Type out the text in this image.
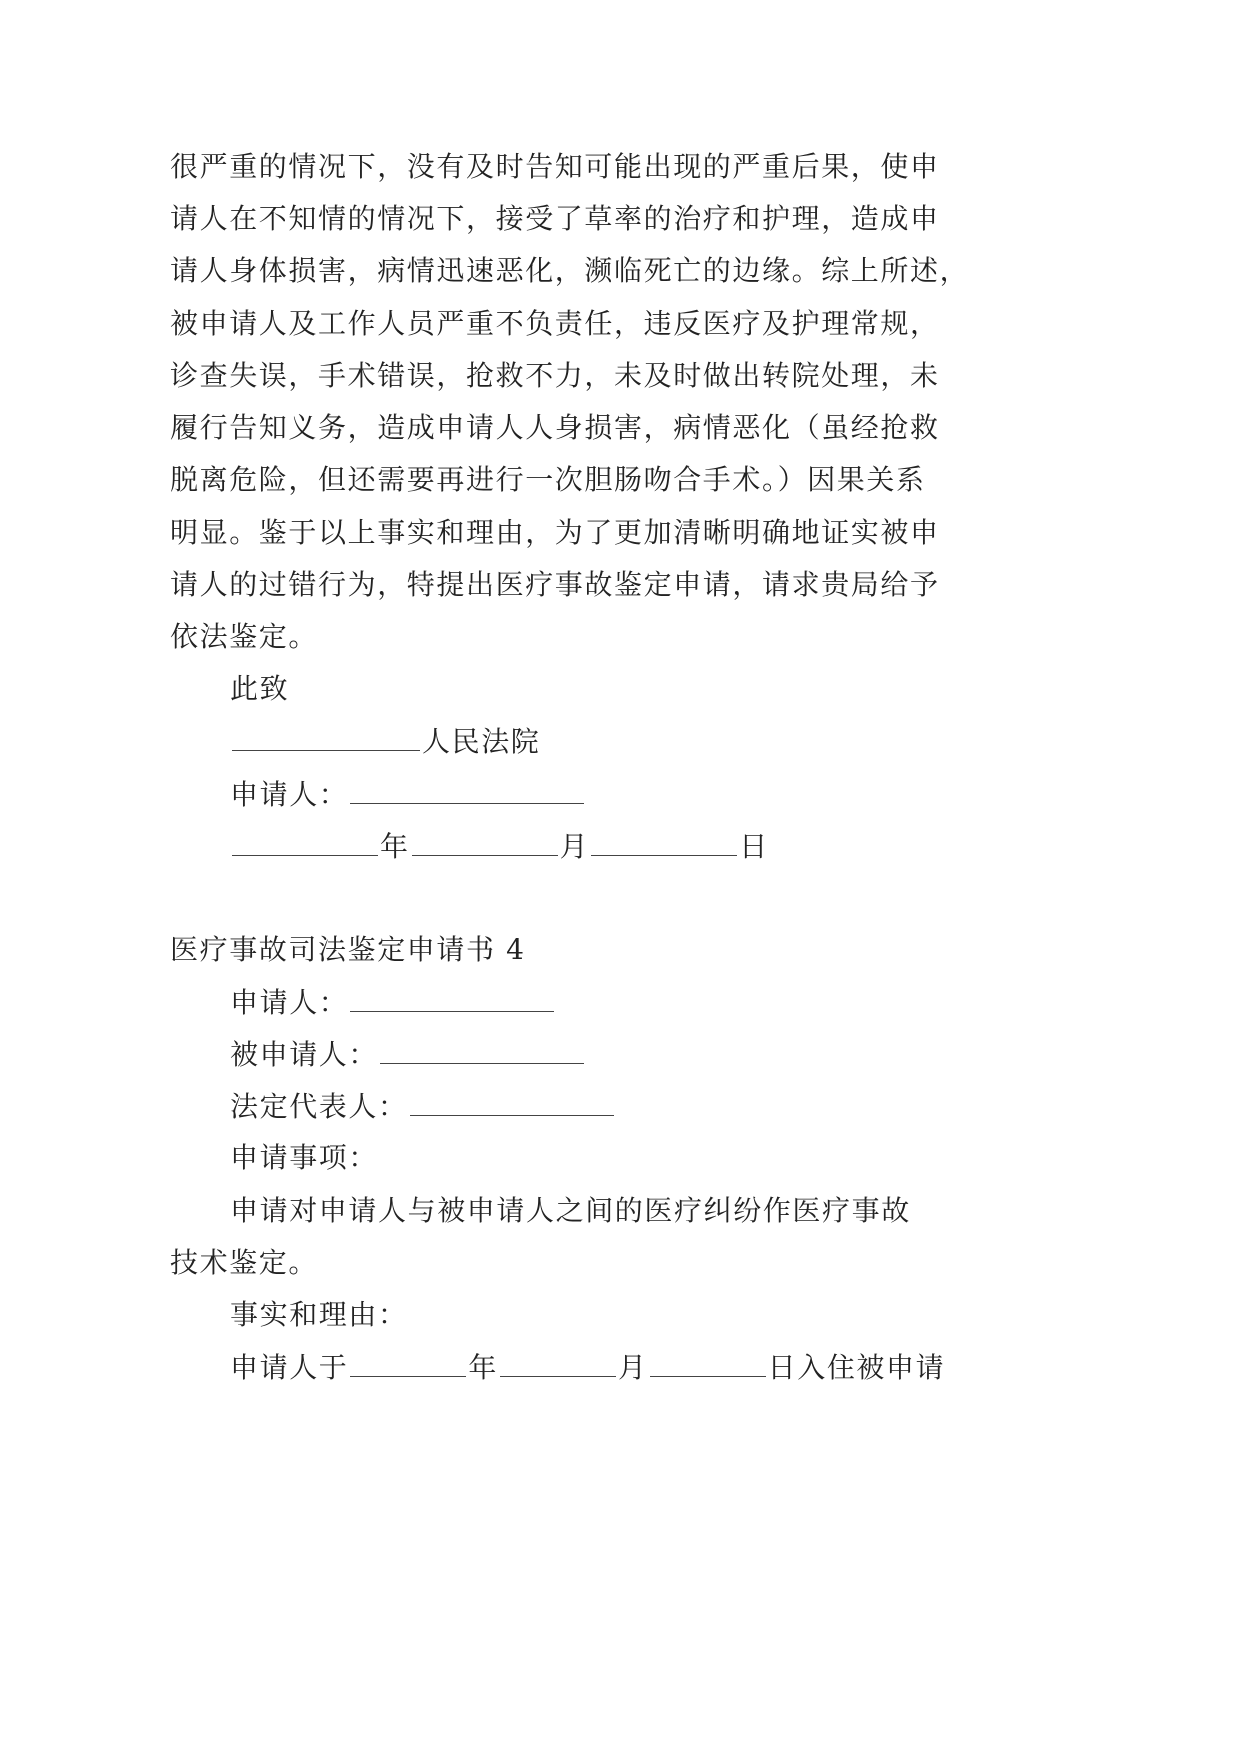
很严重的情况下，没有及时告知可能出现的严重后果，使申
请人在不知情的情况下，接受了草率的治疗和护理，造成申
请人身体损害，病情迅速恶化，濒临死亡的边缘。综上所述，
被申请人及工作人员严重不负责任，违反医疗及护理常规，
诊查失误，手术错误，抢救不力，未及时做出转院处理，未
履行告知义务，造成申请人人身损害，病情恶化（虽经抢救
脱离危险，但还需要再进行一次胆肠吻合手术。）因果关系
明显。鉴于以上事实和理由，为了更加清晰明确地证实被申
请人的过错行为，特提出医疗事故鉴定申请，请求贵局给予
依法鉴定。
此致
人民法院
申请人：
年	月	日
医疗事故司法鉴定申请书 4
申请人：
被申请人：
法定代表人：
申请事项：
申请对申请人与被申请人之间的医疗纠纷作医疗事故
技术鉴定。
事实和理由：
申请人于	年	月	日入住被申请
